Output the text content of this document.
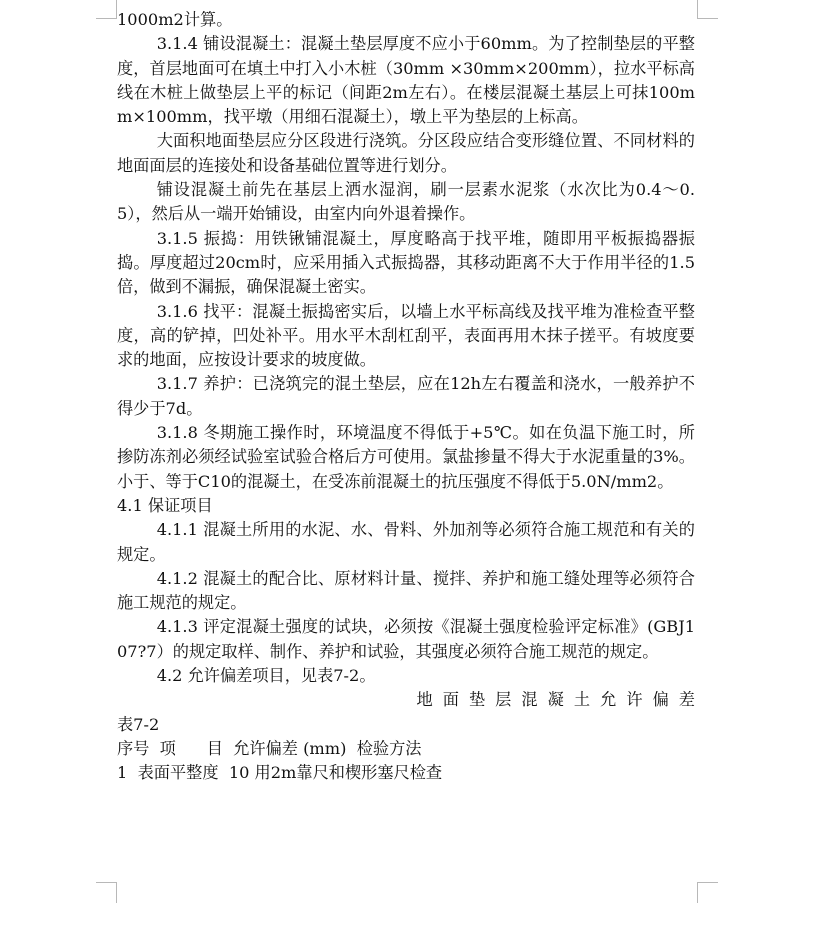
1000m2计算。

3.1.4 铺设混凝土：混凝土垫层厚度不应小于60mm。为了控制垫层的平整度，首层地面可在填土中打入小木桩（30mm ×30mm×200mm），拉水平标高线在木桩上做垫层上平的标记（间距2m左右）。在楼层混凝土基层上可抹100mm×100mm，找平墩（用细石混凝土），墩上平为垫层的上标高。

大面积地面垫层应分区段进行浇筑。分区段应结合变形缝位置、不同材料的地面面层的连接处和设备基础位置等进行划分。

铺设混凝土前先在基层上洒水湿润，刷一层素水泥浆（水次比为0.4～0.5），然后从一端开始铺设，由室内向外退着操作。

3.1.5 振捣：用铁锹铺混凝土，厚度略高于找平堆，随即用平板振捣器振捣。厚度超过20cm时，应采用插入式振捣器，其移动距离不大于作用半径的1.5倍，做到不漏振，确保混凝土密实。

3.1.6 找平：混凝土振捣密实后，以墙上水平标高线及找平堆为准检查平整度，高的铲掉，凹处补平。用水平木刮杠刮平，表面再用木抹子搓平。有坡度要求的地面，应按设计要求的坡度做。

3.1.7 养护：已浇筑完的混土垫层，应在12h左右覆盖和浇水，一般养护不得少于7d。

3.1.8 冬期施工操作时，环境温度不得低于+5℃。如在负温下施工时，所掺防冻剂必须经试验室试验合格后方可使用。氯盐掺量不得大于水泥重量的3%。小于、等于C10的混凝土，在受冻前混凝土的抗压强度不得低于5.0N/mm2。

4.1 保证项目

4.1.1 混凝土所用的水泥、水、骨料、外加剂等必须符合施工规范和有关的规定。

4.1.2 混凝土的配合比、原材料计量、搅拌、养护和施工缝处理等必须符合施工规范的规定。

4.1.3 评定混凝土强度的试块，必须按《混凝土强度检验评定标准》(GBJ107?7）的规定取样、制作、养护和试验，其强度必须符合施工规范的规定。

4.2 允许偏差项目，见表7-2。

地面垫层混凝土允许偏差

表7-2

序号  项      目  允许偏差 (mm)  检验方法

1  表面平整度  10 用2m靠尺和楔形塞尺检查
